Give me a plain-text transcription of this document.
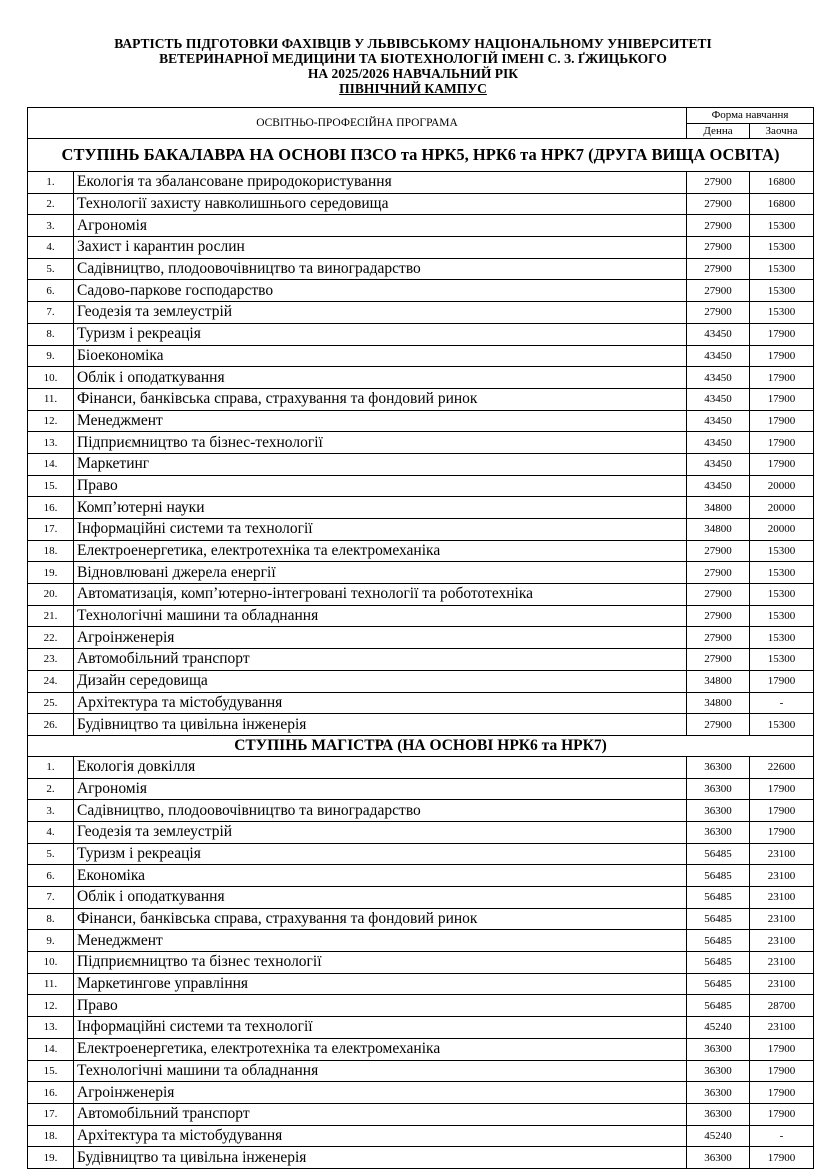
ВАРТІСТЬ ПІДГОТОВКИ ФАХІВЦІВ У ЛЬВІВСЬКОМУ НАЦІОНАЛЬНОМУ УНІВЕРСИТЕТІ
ВЕТЕРИНАРНОЇ МЕДИЦИНИ ТА БІОТЕХНОЛОГІЙ ІМЕНІ С. З. ҐЖИЦЬКОГО
НА 2025/2026 НАВЧАЛЬНИЙ РІК
ПІВНІЧНИЙ КАМПУС
ОСВІТНЬО-ПРОФЕСІЙНА ПРОГРАМА		Форма навчання	
		Денна	Заочна
СТУПІНЬ БАКАЛАВРА НА ОСНОВІ ПЗСО та НРК5, НРК6 та НРК7 (ДРУГА ВИЩА ОСВІТА)			
1.	Екологія та збалансоване природокористування	27900	16800
2.	Технології захисту навколишнього середовища	27900	16800
3.	Агрономія	27900	15300
4.	Захист і карантин рослин	27900	15300
5.	Садівництво, плодоовочівництво та виноградарство	27900	15300
6.	Садово-паркове господарство	27900	15300
7.	Геодезія та землеустрій	27900	15300
8.	Туризм і рекреація	43450	17900
9.	Біоекономіка	43450	17900
10.	Облік і оподаткування	43450	17900
11.	Фінанси, банківська справа, страхування та фондовий ринок	43450	17900
12.	Менеджмент	43450	17900
13.	Підприємництво та бізнес-технології	43450	17900
14.	Маркетинг	43450	17900
15.	Право	43450	20000
16.	Комп’ютерні науки	34800	20000
17.	Інформаційні системи та технології	34800	20000
18.	Електроенергетика, електротехніка та електромеханіка	27900	15300
19.	Відновлювані джерела енергії	27900	15300
20.	Автоматизація, комп’ютерно-інтегровані технології та робототехніка	27900	15300
21.	Технологічні машини та обладнання	27900	15300
22.	Агроінженерія	27900	15300
23.	Автомобільний транспорт	27900	15300
24.	Дизайн середовища	34800	17900
25.	Архітектура та містобудування	34800	-
26.	Будівництво та цивільна інженерія	27900	15300
СТУПІНЬ МАГІСТРА (НА ОСНОВІ НРК6 та НРК7)			
1.	Екологія довкілля	36300	22600
2.	Агрономія	36300	17900
3.	Садівництво, плодоовочівництво та виноградарство	36300	17900
4.	Геодезія та землеустрій	36300	17900
5.	Туризм і рекреація	56485	23100
6.	Економіка	56485	23100
7.	Облік і оподаткування	56485	23100
8.	Фінанси, банківська справа, страхування та фондовий ринок	56485	23100
9.	Менеджмент	56485	23100
10.	Підприємництво та бізнес технології	56485	23100
11.	Маркетингове управління	56485	23100
12.	Право	56485	28700
13.	Інформаційні системи та технології	45240	23100
14.	Електроенергетика, електротехніка та електромеханіка	36300	17900
15.	Технологічні машини та обладнання	36300	17900
16.	Агроінженерія	36300	17900
17.	Автомобільний транспорт	36300	17900
18.	Архітектура та містобудування	45240	-
19.	Будівництво та цивільна інженерія	36300	17900
